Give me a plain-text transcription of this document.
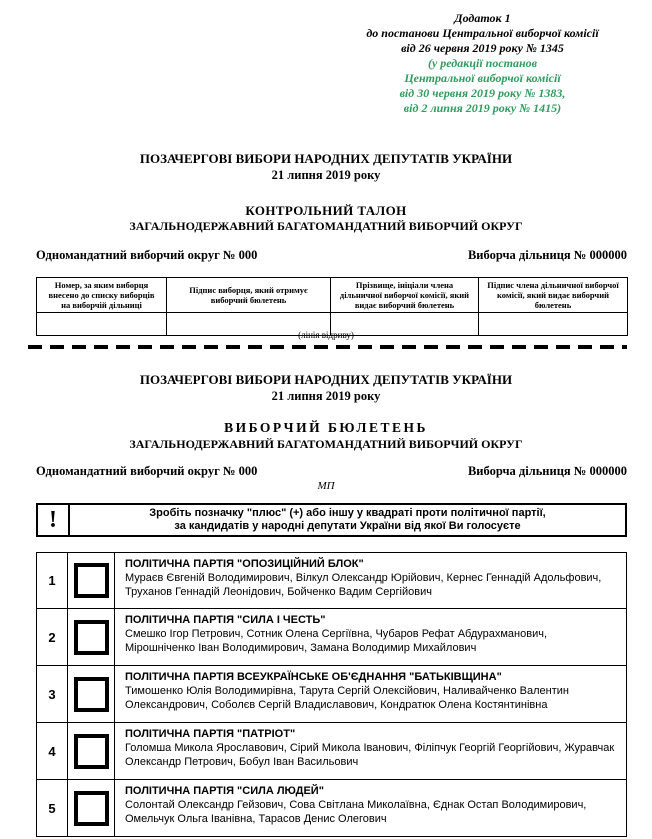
Додаток 1
до постанови Центральної виборчої комісії
від 26 червня 2019 року № 1345
(у редакції постанов
Центральної виборчої комісії
від 30 червня 2019 року № 1383,
від 2 липня 2019 року № 1415)
ПОЗАЧЕРГОВІ ВИБОРИ НАРОДНИХ ДЕПУТАТІВ УКРАЇНИ
21 липня 2019 року
КОНТРОЛЬНИЙ ТАЛОН
ЗАГАЛЬНОДЕРЖАВНИЙ БАГАТОМАНДАТНИЙ ВИБОРЧИЙ ОКРУГ
Одномандатний виборчий округ № 000	Виборча дільниця № 000000
Номер, за яким виборця внесено до списку виборців на виборчій дільниці	Підпис виборця, який отримує виборчий бюлетень	Прізвище, ініціали члена дільничної виборчої комісії, який видає виборчий бюлетень	Підпис члена дільничної виборчої комісії, який видає виборчий бюлетень

(лінія відриву)
ПОЗАЧЕРГОВІ ВИБОРИ НАРОДНИХ ДЕПУТАТІВ УКРАЇНИ
21 липня 2019 року
ВИБОРЧИЙ БЮЛЕТЕНЬ
ЗАГАЛЬНОДЕРЖАВНИЙ БАГАТОМАНДАТНИЙ ВИБОРЧИЙ ОКРУГ
Одномандатний виборчий округ № 000	Виборча дільниця № 000000
МП
!	Зробіть позначку "плюс" (+) або іншу у квадраті проти політичної партії,
за кандидатів у народні депутати України від якої Ви голосуєте
1
ПОЛІТИЧНА ПАРТІЯ "ОПОЗИЦІЙНИЙ БЛОК"
Мураєв Євгеній Володимирович, Вілкул Олександр Юрійович, Кернес Геннадій Адольфович, Труханов Геннадій Леонідович, Бойченко Вадим Сергійович
2
ПОЛІТИЧНА ПАРТІЯ "СИЛА І ЧЕСТЬ"
Смешко Ігор Петрович, Сотник Олена Сергіївна, Чубаров Рефат Абдурахманович, Мірошніченко Іван Володимирович, Замана Володимир Михайлович
3
ПОЛІТИЧНА ПАРТІЯ ВСЕУКРАЇНСЬКЕ ОБ'ЄДНАННЯ "БАТЬКІВЩИНА"
Тимошенко Юлія Володимирівна, Тарута Сергій Олексійович, Наливайченко Валентин Олександрович, Соболєв Сергій Владиславович, Кондратюк Олена Костянтинівна
4
ПОЛІТИЧНА ПАРТІЯ "ПАТРІОТ"
Голомша Микола Ярославович, Сірий Микола Іванович, Філіпчук Георгій Георгійович, Журавчак Олександр Петрович, Бобул Іван Васильович
5
ПОЛІТИЧНА ПАРТІЯ "СИЛА ЛЮДЕЙ"
Солонтай Олександр Гейзович, Сова Світлана Миколаївна, Єднак Остап Володимирович, Омельчук Ольга Іванівна, Тарасов Денис Олегович
